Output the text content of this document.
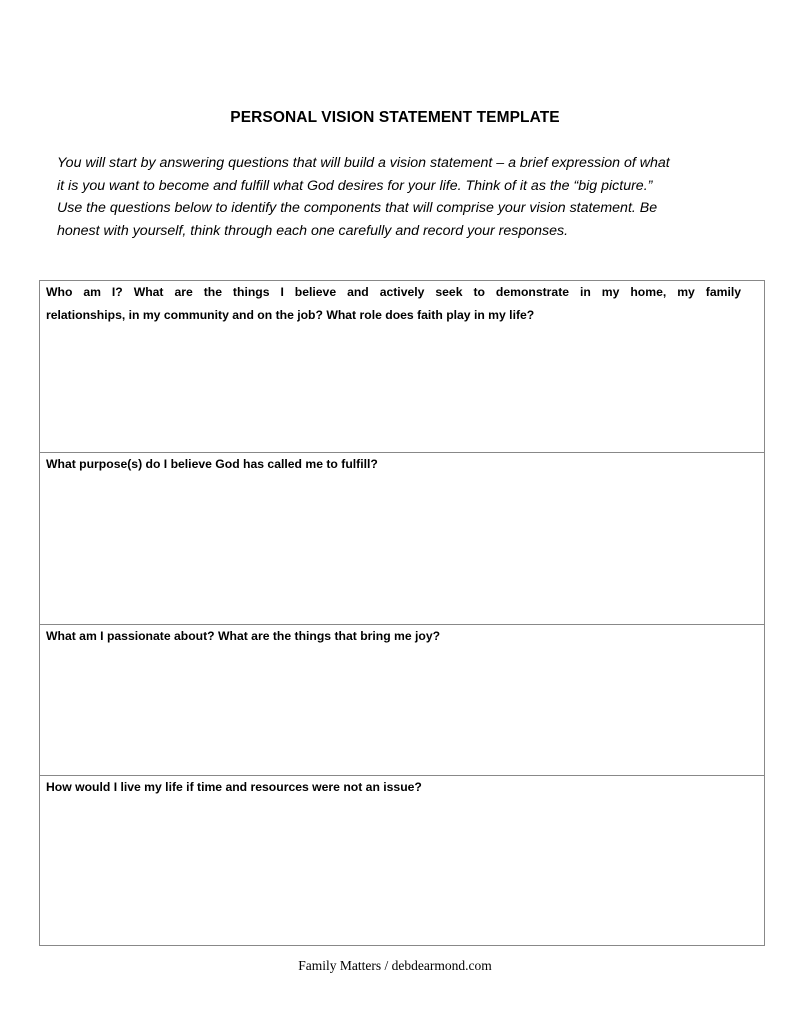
PERSONAL VISION STATEMENT TEMPLATE

You will start by answering questions that will build a vision statement – a brief expression of what
it is you want to become and fulfill what God desires for your life. Think of it as the “big picture.”
Use the questions below to identify the components that will comprise your vision statement. Be
honest with yourself, think through each one carefully and record your responses.

Who am I? What are the things I believe and actively seek to demonstrate in my home, my family
relationships, in my community and on the job? What role does faith play in my life?

What purpose(s) do I believe God has called me to fulfill?

What am I passionate about? What are the things that bring me joy?

How would I live my life if time and resources were not an issue?

Family Matters / debdearmond.com
